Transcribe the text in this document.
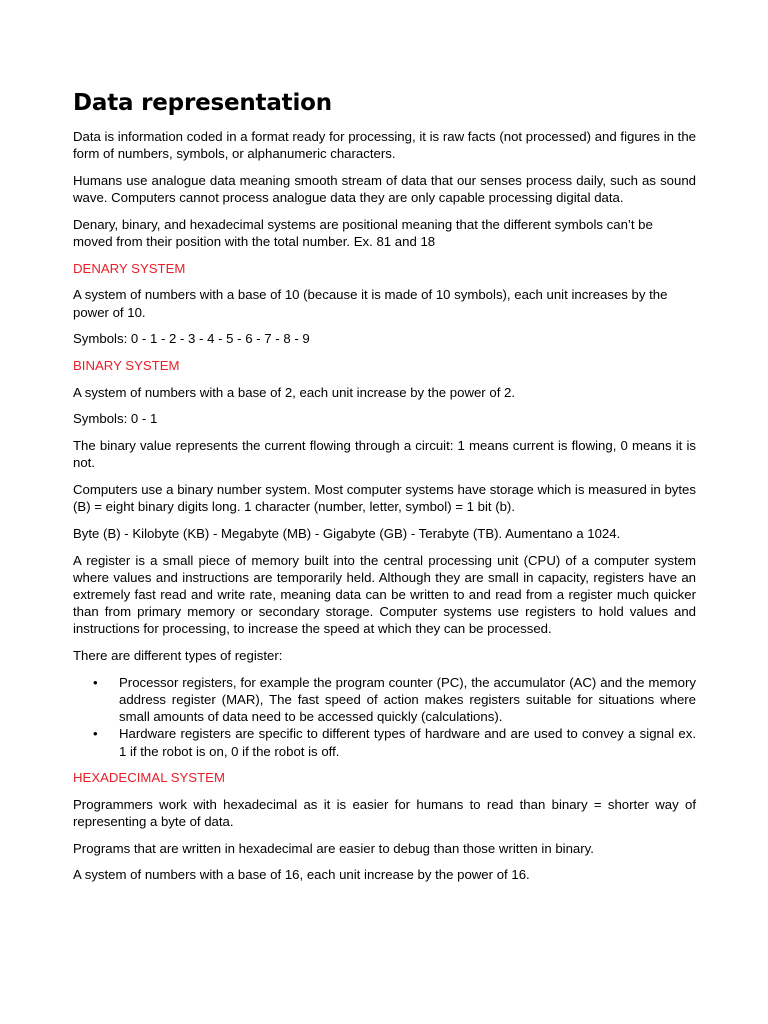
Data representation

Data is information coded in a format ready for processing, it is raw facts (not processed) and figures in the form of numbers, symbols, or alphanumeric characters.

Humans use analogue data meaning smooth stream of data that our senses process daily, such as sound wave. Computers cannot process analogue data they are only capable processing digital data.

Denary, binary, and hexadecimal systems are positional meaning that the different symbols can’t be moved from their position with the total number. Ex. 81 and 18

DENARY SYSTEM

A system of numbers with a base of 10 (because it is made of 10 symbols), each unit increases by the power of 10.

Symbols: 0 - 1 - 2 - 3 - 4 - 5 - 6 - 7 - 8 - 9

BINARY SYSTEM

A system of numbers with a base of 2, each unit increase by the power of 2.

Symbols: 0 - 1

The binary value represents the current flowing through a circuit: 1 means current is flowing, 0 means it is not.

Computers use a binary number system. Most computer systems have storage which is measured in bytes (B) = eight binary digits long. 1 character (number, letter, symbol) = 1 bit (b).

Byte (B) - Kilobyte (KB) - Megabyte (MB) - Gigabyte (GB) - Terabyte (TB). Aumentano a 1024.

A register is a small piece of memory built into the central processing unit (CPU) of a computer system where values and instructions are temporarily held. Although they are small in capacity, registers have an extremely fast read and write rate, meaning data can be written to and read from a register much quicker than from primary memory or secondary storage. Computer systems use registers to hold values and instructions for processing, to increase the speed at which they can be processed.

There are different types of register:

• Processor registers, for example the program counter (PC), the accumulator (AC) and the memory address register (MAR), The fast speed of action makes registers suitable for situations where small amounts of data need to be accessed quickly (calculations).
• Hardware registers are specific to different types of hardware and are used to convey a signal ex. 1 if the robot is on, 0 if the robot is off.
HEXADECIMAL SYSTEM

Programmers work with hexadecimal as it is easier for humans to read than binary = shorter way of representing a byte of data.

Programs that are written in hexadecimal are easier to debug than those written in binary.

A system of numbers with a base of 16, each unit increase by the power of 16.
